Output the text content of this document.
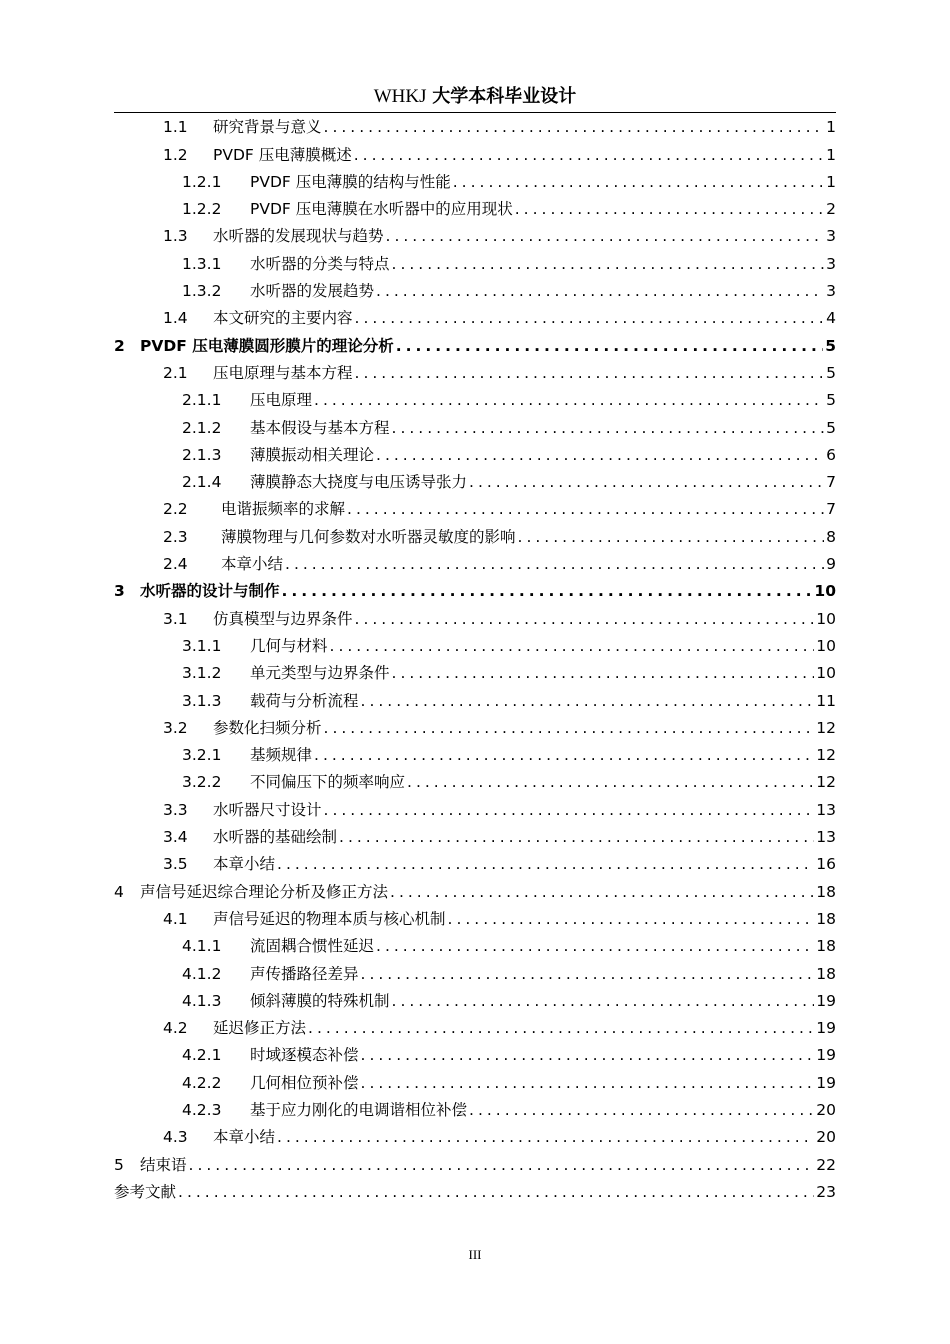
WHKJ 大学本科毕业设计
1.1	研究背景与意义 .....	1
1.2	PVDF 压电薄膜概述 .....	1
1.2.1	PVDF 压电薄膜的结构与性能 .....	1
1.2.2	PVDF 压电薄膜在水听器中的应用现状 .....	2
1.3	水听器的发展现状与趋势 .....	3
1.3.1	水听器的分类与特点 .....	3
1.3.2	水听器的发展趋势 .....	3
1.4	本文研究的主要内容 .....	4
2 PVDF 压电薄膜圆形膜片的理论分析 .....	5
2.1	压电原理与基本方程 .....	5
2.1.1	压电原理 .....	5
2.1.2	基本假设与基本方程 .....	5
2.1.3	薄膜振动相关理论 .....	6
2.1.4	薄膜静态大挠度与电压诱导张力 .....	7
2.2	电谐振频率的求解 .....	7
2.3	薄膜物理与几何参数对水听器灵敏度的影响 .....	8
2.4	本章小结 .....	9
3 水听器的设计与制作 .....	10
3.1	仿真模型与边界条件 .....	10
3.1.1	几何与材料 .....	10
3.1.2	单元类型与边界条件 .....	10
3.1.3	载荷与分析流程 .....	11
3.2	参数化扫频分析 .....	12
3.2.1	基频规律 .....	12
3.2.2	不同偏压下的频率响应 .....	12
3.3	水听器尺寸设计 .....	13
3.4	水听器的基础绘制 .....	13
3.5	本章小结 .....	16
4	声信号延迟综合理论分析及修正方法 .....	18
4.1	声信号延迟的物理本质与核心机制 .....	18
4.1.1	流固耦合惯性延迟 .....	18
4.1.2	声传播路径差异 .....	18
4.1.3	倾斜薄膜的特殊机制 .....	19
4.2	延迟修正方法 .....	19
4.2.1	时域逐模态补偿 .....	19
4.2.2	几何相位预补偿 .....	19
4.2.3	基于应力刚化的电调谐相位补偿 .....	20
4.3	本章小结 .....	20
5	结束语 .....	22
参考文献 .....	23
III
